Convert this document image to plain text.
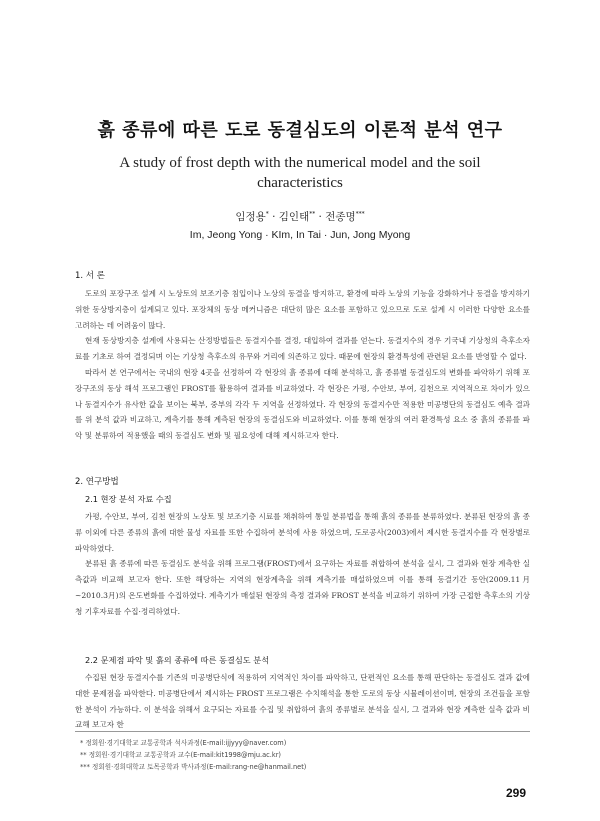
흙 종류에 따른 도로 동결심도의 이론적 분석 연구
A study of frost depth with the numerical model and the soil characteristics
임정용* · 김인태** · 전종명***
Im, Jeong Yong · KIm, In Tai · Jun, Jong Myong
1. 서 론

도로의 포장구조 설계 시 노상토의 보조기층 침입이나 노상의 동결을 방지하고, 환경에 따라 노상의 기능을 강화하거나 동결을 방지하기 위한 동상방지층이 설계되고 있다. 포장체의 동상 메커니즘은 대단히 많은 요소를 포함하고 있으므로 도로 설계 시 이러한 다양한 요소를 고려하는 데 어려움이 많다.

현재 동상방지층 설계에 사용되는 산정방법들은 동결지수를 결정, 대입하여 결과를 얻는다. 동결지수의 경우 기국내 기상청의 측후소자료를 기초로 하여 결정되며 이는 기상청 측후소의 유무와 거리에 의존하고 있다. 때문에 현장의 환경특성에 관련된 요소를 반영할 수 없다.

따라서 본 연구에서는 국내의 현장 4곳을 선정하여 각 현장의 흙 종류에 대해 분석하고, 흙 종류별 동결심도의 변화를 파악하기 위해 포장구조의 동상 해석 프로그램인 FROST를 활용하여 결과를 비교하였다. 각 현장은 가평, 수안보, 부여, 김천으로 지역적으로 차이가 있으나 동결지수가 유사한 값을 보이는 북부, 중부의 각각 두 지역을 선정하였다. 각 현장의 동결지수만 적용한 미공병단의 동결심도 예측 결과를 위 분석 값과 비교하고, 계측기를 통해 계측된 현장의 동결심도와 비교하였다. 이를 통해 현장의 여러 환경특성 요소 중 흙의 종류를 파악 및 분류하여 적용했을 때의 동결심도 변화 및 필요성에 대해 제시하고자 한다.

2. 연구방법
2.1 현장 분석 자료 수집

가평, 수안보, 부여, 김천 현장의 노상토 및 보조기층 시료를 채취하여 통일 분류법을 통해 흙의 종류를 분류하였다. 분류된 현장의 흙 종류 이외에 다른 종류의 흙에 대한 물성 자료를 또한 수집하여 분석에 사용 하였으며, 도로공사(2003)에서 제시한 동결지수를 각 현장별로 파악하였다.

분류된 흙 종류에 따른 동결심도 분석을 위해 프로그램(FROST)에서 요구하는 자료를 취합하여 분석을 실시, 그 결과와 현장 계측한 실측값과 비교해 보고자 한다. 또한 해당하는 지역의 현장계측을 위해 계측기를 매설하였으며 이를 통해 동결기간 동안(2009.11月~2010.3月)의 온도변화를 수집하였다. 계측기가 매설된 현장의 측정 결과와 FROST 분석을 비교하기 위하여 가장 근접한 측후소의 기상청 기후자료를 수집·정리하였다.

2.2 문제점 파악 및 흙의 종류에 따른 동결심도 분석

수집된 현장 동결지수를 기존의 미공병단식에 적용하여 지역적인 차이를 파악하고, 단편적인 요소를 통해 판단하는 동결심도 결과 값에 대한 문제점을 파악한다. 미공병단에서 제시하는 FROST 프로그램은 수치해석을 통한 도로의 동상 시뮬레이션이며, 현장의 조건들을 포함한 분석이 가능하다. 이 분석을 위해서 요구되는 자료를 수집 및 취합하여 흙의 종류별로 분석을 실시, 그 결과와 현장 계측한 실측 값과 비교해 보고자 한

* 정회원·경기대학교 교통공학과 석사과정(E-mail:ijjyyy@naver.com)
** 정회원·경기대학교 교통공학과 교수(E-mail:kit1998@mju.ac.kr)
*** 정회원·경희대학교 토목공학과 박사과정(E-mail:rang-ne@hanmail.net)
299
